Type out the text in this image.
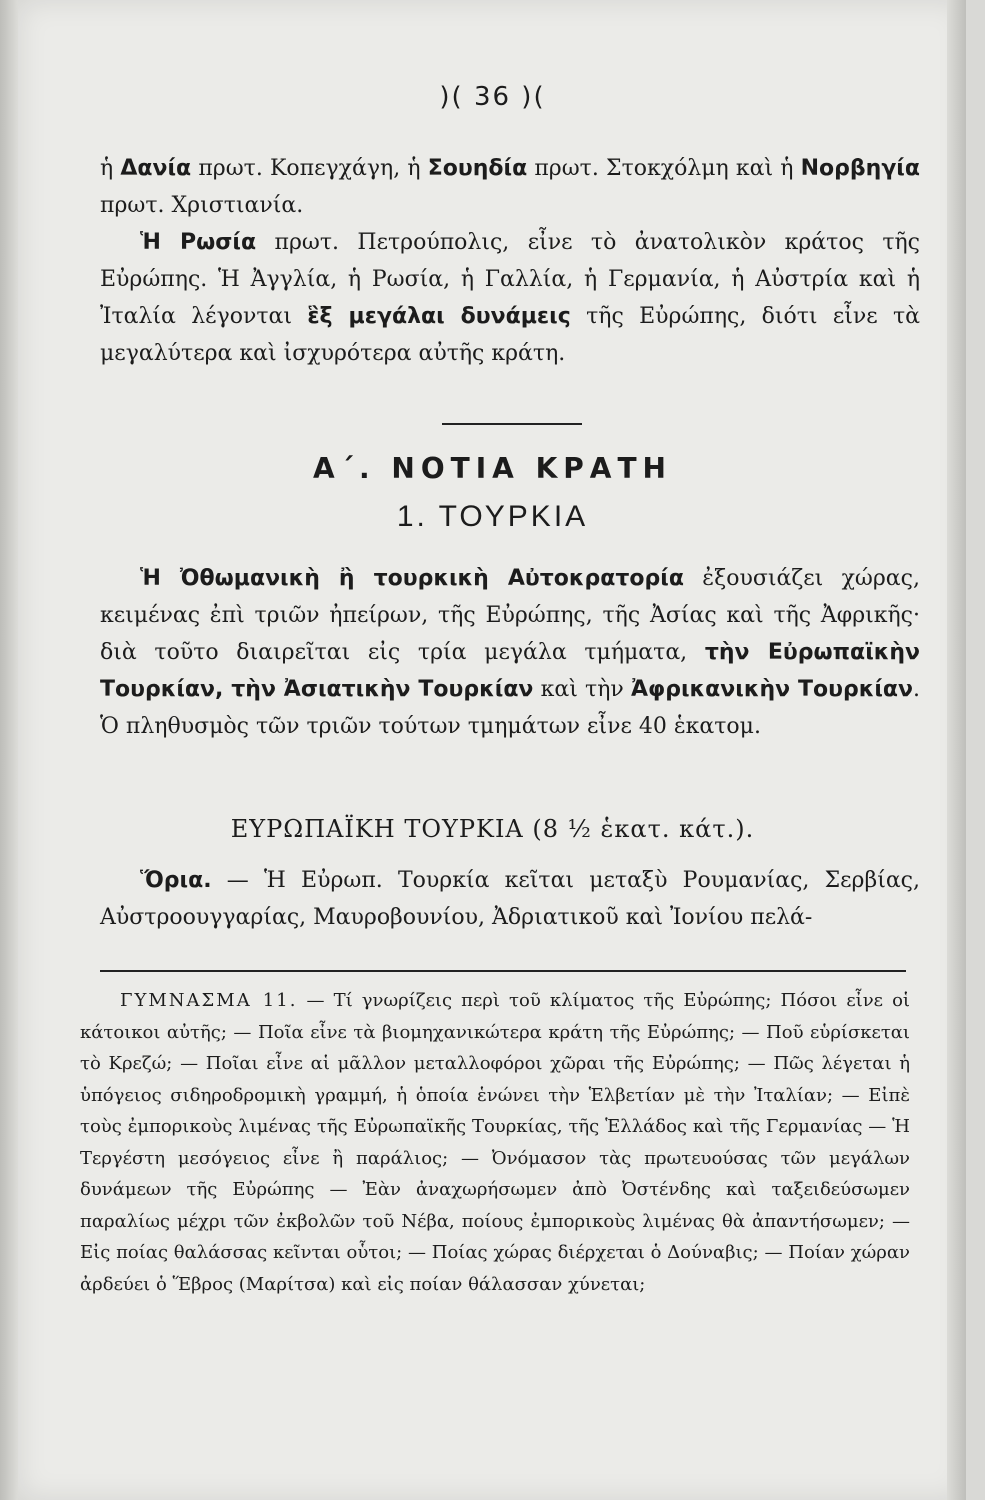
)( 36 )(

ἡ Δανία πρωτ. Κοπεγχάγη, ἡ Σουηδία πρωτ. Στοκχόλμη καὶ ἡ Νορβηγία πρωτ. Χριστιανία.

Ἡ Ρωσία πρωτ. Πετρούπολις, εἶνε τὸ ἀνατολικὸν κράτος τῆς Εὐρώπης. Ἡ Ἀγγλία, ἡ Ρωσία, ἡ Γαλλία, ἡ Γερμανία, ἡ Αὐστρία καὶ ἡ Ἰταλία λέγονται ἓξ μεγάλαι δυνάμεις τῆς Εὐρώπης, διότι εἶνε τὰ μεγαλύτερα καὶ ἰσχυρότερα αὐτῆς κράτη.

Α΄. ΝΟΤΙΑ ΚΡΑΤΗ
1. ΤΟΥΡΚΙΑ

Ἡ Ὀθωμανικὴ ἢ τουρκικὴ Αὐτοκρατορία ἐξουσιάζει χώρας, κειμένας ἐπὶ τριῶν ἠπείρων, τῆς Εὐρώπης, τῆς Ἀσίας καὶ τῆς Ἀφρικῆς· διὰ τοῦτο διαιρεῖται εἰς τρία μεγάλα τμήματα, τὴν Εὐρωπαϊκὴν Τουρκίαν, τὴν Ἀσιατικὴν Τουρκίαν καὶ τὴν Ἀφρικανικὴν Τουρκίαν. Ὁ πληθυσμὸς τῶν τριῶν τούτων τμημάτων εἶνε 40 ἑκατομ.

ΕΥΡΩΠΑΪΚΗ ΤΟΥΡΚΙΑ (8 ½ ἑκατ. κάτ.).

Ὅρια. — Ἡ Εὐρωπ. Τουρκία κεῖται μεταξὺ Ρουμανίας, Σερβίας, Αὐστροουγγαρίας, Μαυροβουνίου, Ἀδριατικοῦ καὶ Ἰονίου πελά-

ΓΥΜΝΑΣΜΑ 11. — Τί γνωρίζεις περὶ τοῦ κλίματος τῆς Εὐρώπης; Πόσοι εἶνε οἱ κάτοικοι αὐτῆς; — Ποῖα εἶνε τὰ βιομηχανικώτερα κράτη τῆς Εὐρώπης; — Ποῦ εὑρίσκεται τὸ Κρεζώ; — Ποῖαι εἶνε αἱ μᾶλλον μεταλλοφόροι χῶραι τῆς Εὐρώπης; — Πῶς λέγεται ἡ ὑπόγειος σιδηροδρομικὴ γραμμή, ἡ ὁποία ἑνώνει τὴν Ἑλβετίαν μὲ τὴν Ἰταλίαν; — Εἰπὲ τοὺς ἐμπορικοὺς λιμένας τῆς Εὐρωπαϊκῆς Τουρκίας, τῆς Ἑλλάδος καὶ τῆς Γερμανίας — Ἡ Τεργέστη μεσόγειος εἶνε ἢ παράλιος; — Ὀνόμασον τὰς πρωτευούσας τῶν μεγάλων δυνάμεων τῆς Εὐρώπης — Ἐὰν ἀναχωρήσωμεν ἀπὸ Ὀστένδης καὶ ταξειδεύσωμεν παραλίως μέχρι τῶν ἐκβολῶν τοῦ Νέβα, ποίους ἐμπορικοὺς λιμένας θὰ ἀπαντήσωμεν; — Εἰς ποίας θαλάσσας κεῖνται οὗτοι; — Ποίας χώρας διέρχεται ὁ Δούναβις; — Ποίαν χώραν ἀρδεύει ὁ Ἕβρος (Μαρίτσα) καὶ εἰς ποίαν θάλασσαν χύνεται;
